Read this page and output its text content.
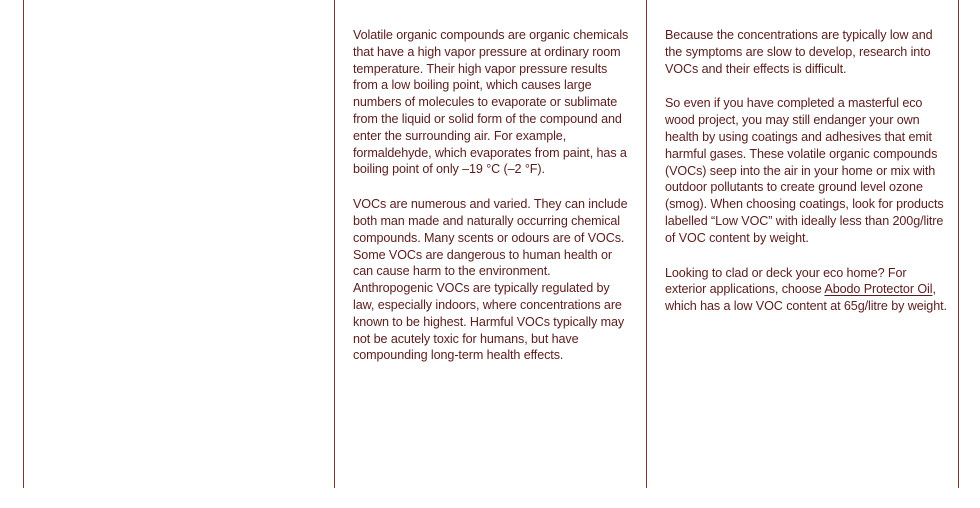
Volatile organic compounds are organic chemicals that have a high vapor pressure at ordinary room temperature. Their high vapor pressure results from a low boiling point, which causes large numbers of molecules to evaporate or sublimate from the liquid or solid form of the compound and enter the surrounding air. For example, formaldehyde, which evaporates from paint, has a boiling point of only –19 °C (–2 °F).

VOCs are numerous and varied. They can include both man made and naturally occurring chemical compounds. Many scents or odours are of VOCs. Some VOCs are dangerous to human health or can cause harm to the environment. Anthropogenic VOCs are typically regulated by law, especially indoors, where concentrations are known to be highest. Harmful VOCs typically may not be acutely toxic for humans, but have compounding long-term health effects.

Because the concentrations are typically low and the symptoms are slow to develop, research into VOCs and their effects is difficult.

So even if you have completed a masterful eco wood project, you may still endanger your own health by using coatings and adhesives that emit harmful gases. These volatile organic compounds (VOCs) seep into the air in your home or mix with outdoor pollutants to create ground level ozone (smog). When choosing coatings, look for products labelled “Low VOC” with ideally less than 200g/litre of VOC content by weight.

Looking to clad or deck your eco home? For exterior applications, choose Abodo Protector Oil, which has a low VOC content at 65g/litre by weight.
